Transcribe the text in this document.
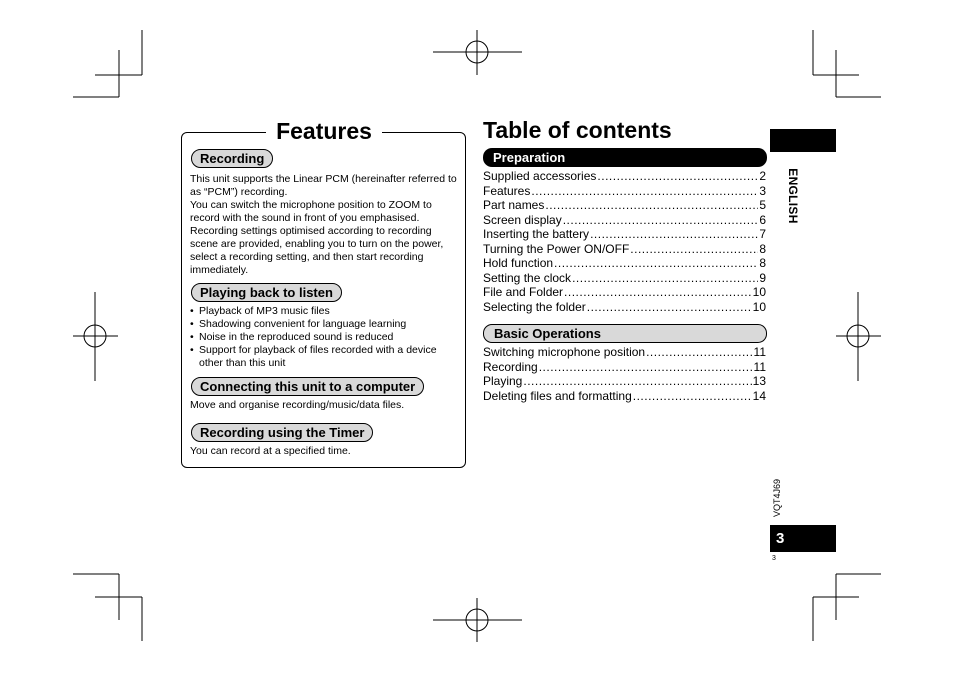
Features
Recording

This unit supports the Linear PCM (hereinafter referred to as “PCM”) recording.
You can switch the microphone position to ZOOM to record with the sound in front of you emphasised.
Recording settings optimised according to recording scene are provided, enabling you to turn on the power, select a recording setting, and then start recording immediately.

Playing back to listen
• Playback of MP3 music files
• Shadowing convenient for language learning
• Noise in the reproduced sound is reduced
• Support for playback of files recorded with a device other than this unit
Connecting this unit to a computer

Move and organise recording/music/data files.

Recording using the Timer

You can record at a specified time.

Table of contents
Preparation
Supplied accessories .....	2
Features .....	3
Part names .....	5
Screen display .....	6
Inserting the battery .....	7
Turning the Power ON/OFF .....	8
Hold function .....	8
Setting the clock .....	9
File and Folder .....	10
Selecting the folder .....	10
Basic Operations
Switching microphone position .....	11
Recording .....	11
Playing .....	13
Deleting files and formatting .....	14
ENGLISH
VQT4J69
3
3
